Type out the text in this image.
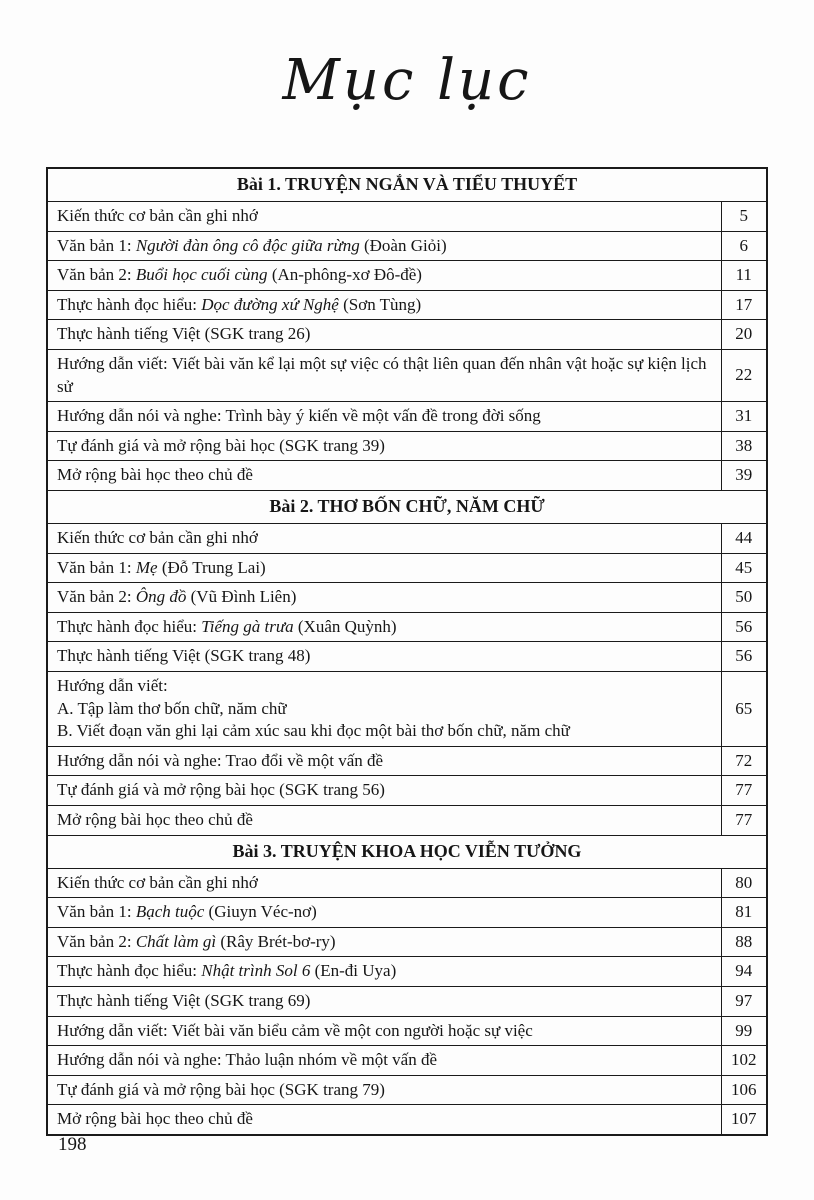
Mục lục
Bài 1. TRUYỆN NGẮN VÀ TIỂU THUYẾT	
Kiến thức cơ bản cần ghi nhớ	5
Văn bản 1: Người đàn ông cô độc giữa rừng (Đoàn Giỏi)	6
Văn bản 2: Buổi học cuối cùng (An-phông-xơ Đô-đề)	11
Thực hành đọc hiểu: Dọc đường xứ Nghệ (Sơn Tùng)	17
Thực hành tiếng Việt (SGK trang 26)	20
Hướng dẫn viết: Viết bài văn kể lại một sự việc có thật liên quan đến nhân vật hoặc sự kiện lịch sử	22
Hướng dẫn nói và nghe: Trình bày ý kiến về một vấn đề trong đời sống	31
Tự đánh giá và mở rộng bài học (SGK trang 39)	38
Mở rộng bài học theo chủ đề	39
Bài 2. THƠ BỐN CHỮ, NĂM CHỮ	
Kiến thức cơ bản cần ghi nhớ	44
Văn bản 1: Mẹ (Đỗ Trung Lai)	45
Văn bản 2: Ông đồ (Vũ Đình Liên)	50
Thực hành đọc hiểu: Tiếng gà trưa (Xuân Quỳnh)	56
Thực hành tiếng Việt (SGK trang 48)	56
Hướng dẫn viết:
A. Tập làm thơ bốn chữ, năm chữ
B. Viết đoạn văn ghi lại cảm xúc sau khi đọc một bài thơ bốn chữ, năm chữ	65
Hướng dẫn nói và nghe: Trao đổi về một vấn đề	72
Tự đánh giá và mở rộng bài học (SGK trang 56)	77
Mở rộng bài học theo chủ đề	77
Bài 3. TRUYỆN KHOA HỌC VIỄN TƯỞNG	
Kiến thức cơ bản cần ghi nhớ	80
Văn bản 1: Bạch tuộc (Giuyn Véc-nơ)	81
Văn bản 2: Chất làm gì (Rây Brét-bơ-ry)	88
Thực hành đọc hiểu: Nhật trình Sol 6 (En-đi Uya)	94
Thực hành tiếng Việt (SGK trang 69)	97
Hướng dẫn viết: Viết bài văn biểu cảm về một con người hoặc sự việc	99
Hướng dẫn nói và nghe: Thảo luận nhóm về một vấn đề	102
Tự đánh giá và mở rộng bài học (SGK trang 79)	106
Mở rộng bài học theo chủ đề	107
198
